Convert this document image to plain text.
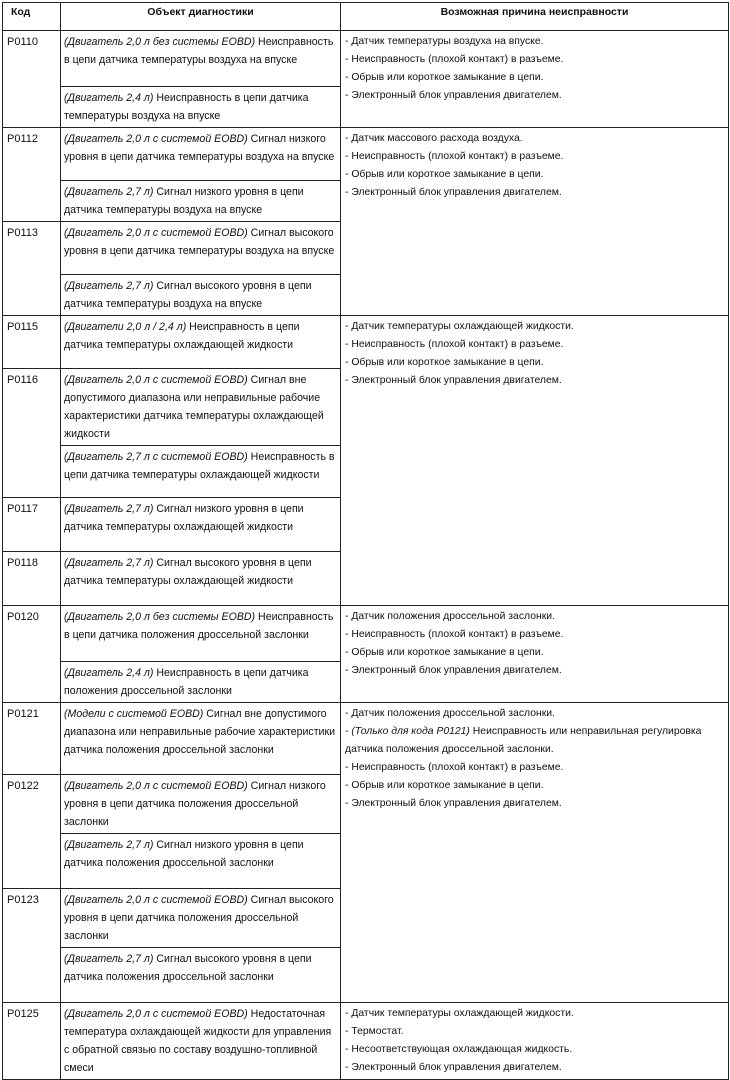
Код	Объект диагностики	Возможная причина неисправности
P0110	(Двигатель 2,0 л без системы EOBD) Неисправность в цепи датчика температуры воздуха на впуске	- Датчик температуры воздуха на впуске.
- Неисправность (плохой контакт) в разъеме.
- Обрыв или короткое замыкание в цепи.
- Электронный блок управления двигателем.

	(Двигатель 2,4 л) Неисправность в цепи датчика температуры воздуха на впуске	
P0112	(Двигатель 2,0 л с системой EOBD) Сигнал низкого уровня в цепи датчика температуры воздуха на впуске	- Датчик массового расхода воздуха.
- Неисправность (плохой контакт) в разъеме.
- Обрыв или короткое замыкание в цепи.
- Электронный блок управления двигателем.

	(Двигатель 2,7 л) Сигнал низкого уровня в цепи датчика температуры воздуха на впуске	
P0113	(Двигатель 2,0 л с системой EOBD) Сигнал высокого уровня в цепи датчика температуры воздуха на впуске	
	(Двигатель 2,7 л) Сигнал высокого уровня в цепи датчика температуры воздуха на впуске	
P0115	(Двигатели 2,0 л / 2,4 л) Неисправность в цепи датчика температуры охлаждающей жидкости	- Датчик температуры охлаждающей жидкости.
- Неисправность (плохой контакт) в разъеме.
- Обрыв или короткое замыкание в цепи.
- Электронный блок управления двигателем.

P0116	(Двигатель 2,0 л с системой EOBD) Сигнал вне допустимого диапазона или неправильные рабочие характеристики датчика температуры охлаждающей жидкости	
	(Двигатель 2,7 л с системой EOBD) Неисправность в цепи датчика температуры охлаждающей жидкости	
P0117	(Двигатель 2,7 л) Сигнал низкого уровня в цепи датчика температуры охлаждающей жидкости	
P0118	(Двигатель 2,7 л) Сигнал высокого уровня в цепи датчика температуры охлаждающей жидкости	
P0120	(Двигатель 2,0 л без системы EOBD) Неисправность в цепи датчика положения дроссельной заслонки	- Датчик положения дроссельной заслонки.
- Неисправность (плохой контакт) в разъеме.
- Обрыв или короткое замыкание в цепи.
- Электронный блок управления двигателем.

	(Двигатель 2,4 л) Неисправность в цепи датчика положения дроссельной заслонки	
P0121	(Модели с системой EOBD) Сигнал вне допустимого диапазона или неправильные рабочие характеристики датчика положения дроссельной заслонки	- Датчик положения дроссельной заслонки.
- (Только для кода P0121) Неисправность или неправильная регулировка датчика положения дроссельной заслонки.
- Неисправность (плохой контакт) в разъеме.
- Обрыв или короткое замыкание в цепи.
- Электронный блок управления двигателем.

P0122	(Двигатель 2,0 л с системой EOBD) Сигнал низкого уровня в цепи датчика положения дроссельной заслонки	
	(Двигатель 2,7 л) Сигнал низкого уровня в цепи датчика положения дроссельной заслонки	
P0123	(Двигатель 2,0 л с системой EOBD) Сигнал высокого уровня в цепи датчика положения дроссельной заслонки	
	(Двигатель 2,7 л) Сигнал высокого уровня в цепи датчика положения дроссельной заслонки	
P0125	(Двигатель 2,0 л с системой EOBD) Недостаточная температура охлаждающей жидкости для управления с обратной связью по составу воздушно-топливной смеси	- Датчик температуры охлаждающей жидкости.
- Термостат.
- Несоответствующая охлаждающая жидкость.
- Электронный блок управления двигателем.
